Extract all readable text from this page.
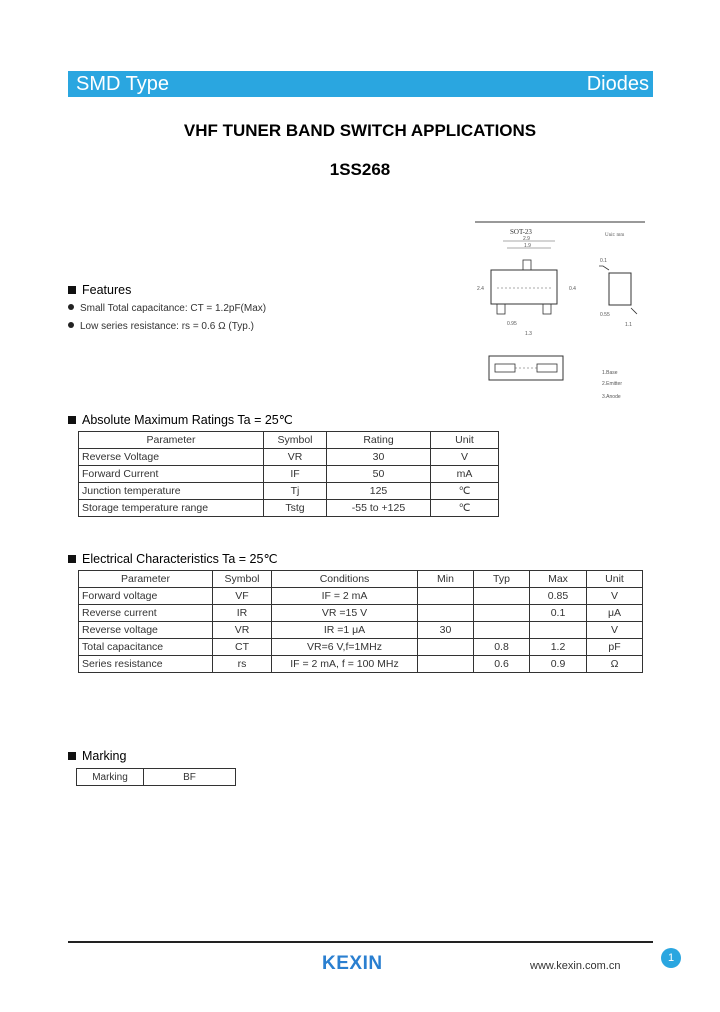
SMD Type	Diodes
VHF TUNER BAND SWITCH APPLICATIONS
1SS268
Features
Small Total capacitance: CT = 1.2pF(Max)
Low series resistance: rs = 0.6 Ω (Typ.)
SOT-23	Unit: mm
2.9
1.9
0.95
1.3
2.4	0.4
0.1
1.1
0.55
1.Base
2.Emitter
3.Anode
Absolute Maximum Ratings Ta = 25℃
Parameter	Symbol	Rating	Unit
Reverse Voltage	VR	30	V
Forward Current	IF	50	mA
Junction temperature	Tj	125	℃
Storage temperature range	Tstg	-55 to +125	℃
Electrical Characteristics Ta = 25℃
Parameter	Symbol	Conditions	Min	Typ	Max	Unit
Forward voltage	VF	IF = 2 mA			0.85	V
Reverse current	IR	VR =15 V			0.1	μA
Reverse voltage	VR	IR =1 μA	30			V
Total capacitance	CT	VR=6 V,f=1MHz		0.8	1.2	pF
Series resistance	rs	IF = 2 mA, f = 100 MHz		0.6	0.9	Ω
Marking
Marking	BF
KEXIN	www.kexin.com.cn
1
